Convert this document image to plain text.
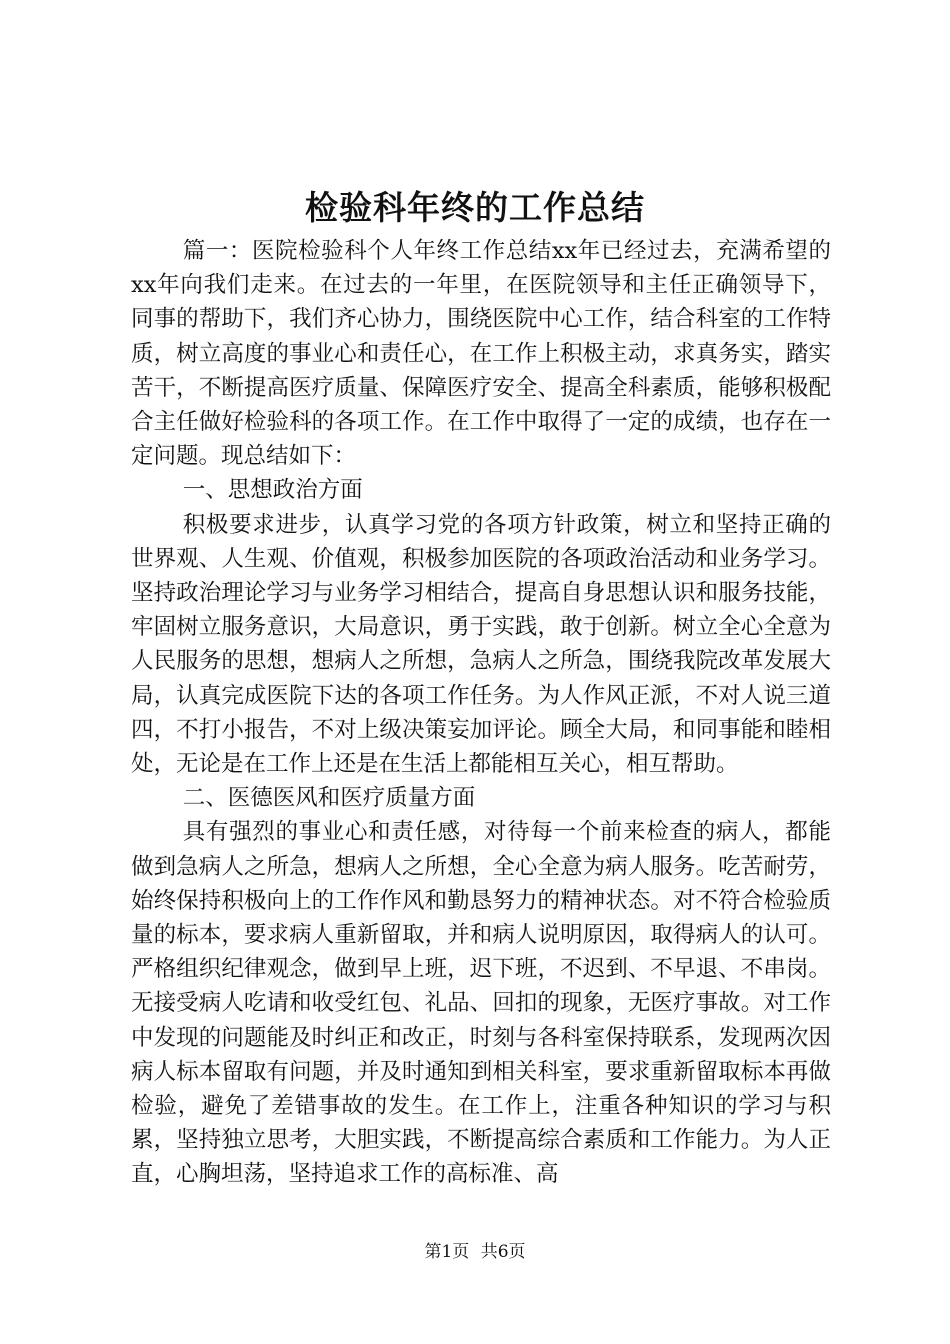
检验科年终的工作总结

篇一：医院检验科个人年终工作总结xx年已经过去，充满希望的xx年向我们走来。在过去的一年里，在医院领导和主任正确领导下，同事的帮助下，我们齐心协力，围绕医院中心工作，结合科室的工作特质，树立高度的事业心和责任心，在工作上积极主动，求真务实，踏实苦干，不断提高医疗质量、保障医疗安全、提高全科素质，能够积极配合主任做好检验科的各项工作。在工作中取得了一定的成绩，也存在一定问题。现总结如下：

一、思想政治方面

积极要求进步，认真学习党的各项方针政策，树立和坚持正确的世界观、人生观、价值观，积极参加医院的各项政治活动和业务学习。坚持政治理论学习与业务学习相结合，提高自身思想认识和服务技能，牢固树立服务意识，大局意识，勇于实践，敢于创新。树立全心全意为人民服务的思想，想病人之所想，急病人之所急，围绕我院改革发展大局，认真完成医院下达的各项工作任务。为人作风正派，不对人说三道四，不打小报告，不对上级决策妄加评论。顾全大局，和同事能和睦相处，无论是在工作上还是在生活上都能相互关心，相互帮助。

二、医德医风和医疗质量方面

具有强烈的事业心和责任感，对待每一个前来检查的病人，都能做到急病人之所急，想病人之所想，全心全意为病人服务。吃苦耐劳，始终保持积极向上的工作作风和勤恳努力的精神状态。对不符合检验质量的标本，要求病人重新留取，并和病人说明原因，取得病人的认可。严格组织纪律观念，做到早上班，迟下班，不迟到、不早退、不串岗。无接受病人吃请和收受红包、礼品、回扣的现象，无医疗事故。对工作中发现的问题能及时纠正和改正，时刻与各科室保持联系，发现两次因病人标本留取有问题，并及时通知到相关科室，要求重新留取标本再做检验，避免了差错事故的发生。在工作上，注重各种知识的学习与积累，坚持独立思考，大胆实践，不断提高综合素质和工作能力。为人正直，心胸坦荡，坚持追求工作的高标准、高

第1页 共6页
